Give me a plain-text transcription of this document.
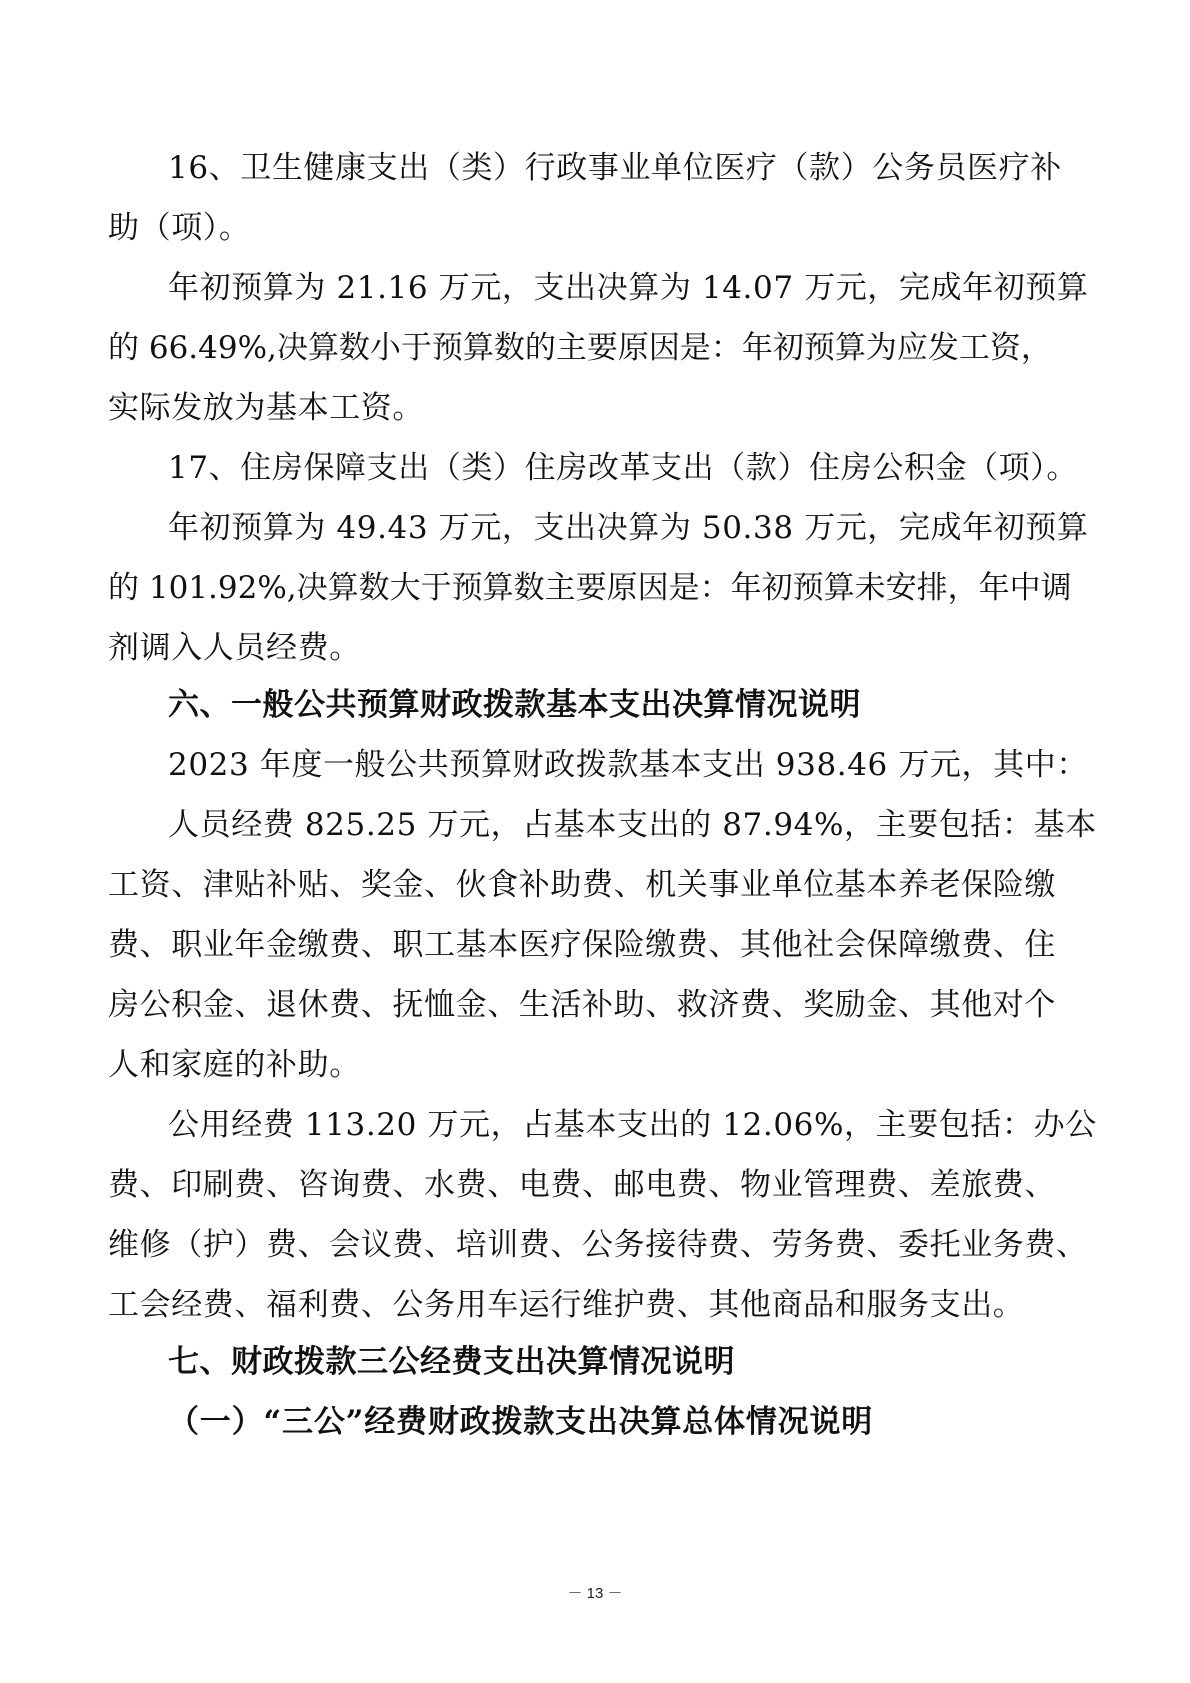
16、卫生健康支出（类）行政事业单位医疗（款）公务员医疗补
助（项）。
年初预算为 21.16 万元，支出决算为 14.07 万元，完成年初预算
的 66.49%,决算数小于预算数的主要原因是：年初预算为应发工资，
实际发放为基本工资。
17、住房保障支出（类）住房改革支出（款）住房公积金（项）。
年初预算为 49.43 万元，支出决算为 50.38 万元，完成年初预算
的 101.92%,决算数大于预算数主要原因是：年初预算未安排，年中调
剂调入人员经费。
六、一般公共预算财政拨款基本支出决算情况说明
2023 年度一般公共预算财政拨款基本支出 938.46 万元，其中：
人员经费 825.25 万元，占基本支出的 87.94%，主要包括：基本
工资、津贴补贴、奖金、伙食补助费、机关事业单位基本养老保险缴
费、职业年金缴费、职工基本医疗保险缴费、其他社会保障缴费、住
房公积金、退休费、抚恤金、生活补助、救济费、奖励金、其他对个
人和家庭的补助。
公用经费 113.20 万元，占基本支出的 12.06%，主要包括：办公
费、印刷费、咨询费、水费、电费、邮电费、物业管理费、差旅费、
维修（护）费、会议费、培训费、公务接待费、劳务费、委托业务费、
工会经费、福利费、公务用车运行维护费、其他商品和服务支出。
七、财政拨款三公经费支出决算情况说明
（一）“三公”经费财政拨款支出决算总体情况说明
－ 13 －
